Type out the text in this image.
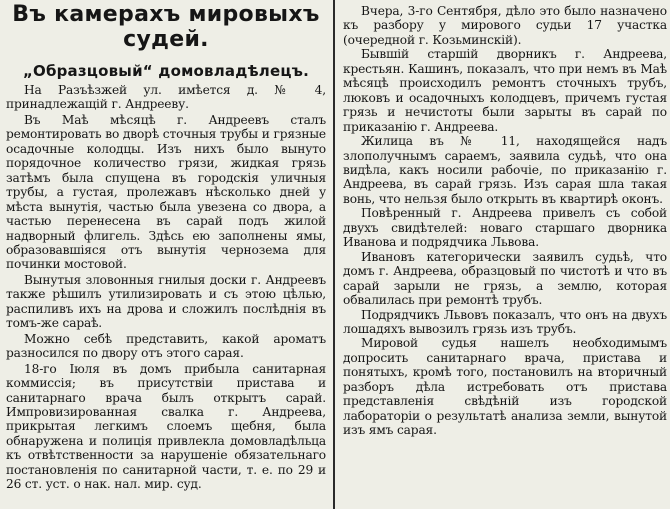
Въ камерахъ мировыхъ
судей.
„Образцовый“ домовладѣлецъ.

На Разъѣзжей ул. имѣется д. № 4, принадлежащій г. Андрееву.

Въ Маѣ мѣсяцѣ г. Андреевъ сталъ ремонтировать во дворѣ сточныя трубы и грязные осадочные колодцы. Изъ нихъ было вынуто порядочное количество грязи, жидкая грязь затѣмъ была спущена въ городскія уличныя трубы, а густая, пролежавъ нѣсколько дней у мѣста вынутія, частью была увезена со двора, а частью перенесена въ сарай подъ жилой надворный флигель. Здѣсь ею заполнены ямы, образовавшіяся отъ вынутія чернозема для починки мостовой.

Вынутыя зловонныя гнилыя доски г. Андреевъ также рѣшилъ утилизировать и съ этою цѣлью, распиливъ ихъ на дрова и сложилъ послѣднія въ томъ-же сараѣ.

Можно себѣ представить, какой ароматъ разносился по двору отъ этого сарая.

18-го Іюля въ домъ прибыла санитарная коммиссія; въ присутствіи пристава и санитарнаго врача былъ открытъ сарай. Импровизированная свалка г. Андреева, прикрытая легкимъ слоемъ щебня, была обнаружена и полиція привлекла домовладѣльца къ отвѣтственности за нарушеніе обязательнаго постановленія по санитарной части, т. е. по 29 и 26 ст. уст. о нак. нал. мир. суд.

Вчера, 3-го Сентября, дѣло это было назначено къ разбору у мирового судьи 17 участка (очередной г. Козьминскій).

Бывшій старшій дворникъ г. Андреева, крестьян. Кашинъ, показалъ, что при немъ въ Маѣ мѣсяцѣ происходилъ ремонтъ сточныхъ трубъ, люковъ и осадочныхъ колодцевъ, причемъ густая грязь и нечистоты были зарыты въ сарай по приказанію г. Андреева.

Жилица въ № 11, находящейся надъ злополучнымъ сараемъ, заявила судьѣ, что она видѣла, какъ носили рабочіе, по приказанію г. Андреева, въ сарай грязь. Изъ сарая шла такая вонь, что нельзя было открыть въ квартирѣ оконъ.

Повѣренный г. Андреева привелъ съ собой двухъ свидѣтелей: новаго старшаго дворника Иванова и подрядчика Львова.

Ивановъ категорически заявилъ судьѣ, что домъ г. Андреева, образцовый по чистотѣ и что въ сарай зарыли не грязь, а землю, которая обвалилась при ремонтѣ трубъ.

Подрядчикъ Львовъ показалъ, что онъ на двухъ лошадяхъ вывозилъ грязь изъ трубъ.

Мировой судья нашелъ необходимымъ допросить санитарнаго врача, пристава и понятыхъ, кромѣ того, постановилъ на вторичный разборъ дѣла истребовать отъ пристава представленія свѣдѣній изъ городской лабораторіи о результатѣ анализа земли, вынутой изъ ямъ сарая.
